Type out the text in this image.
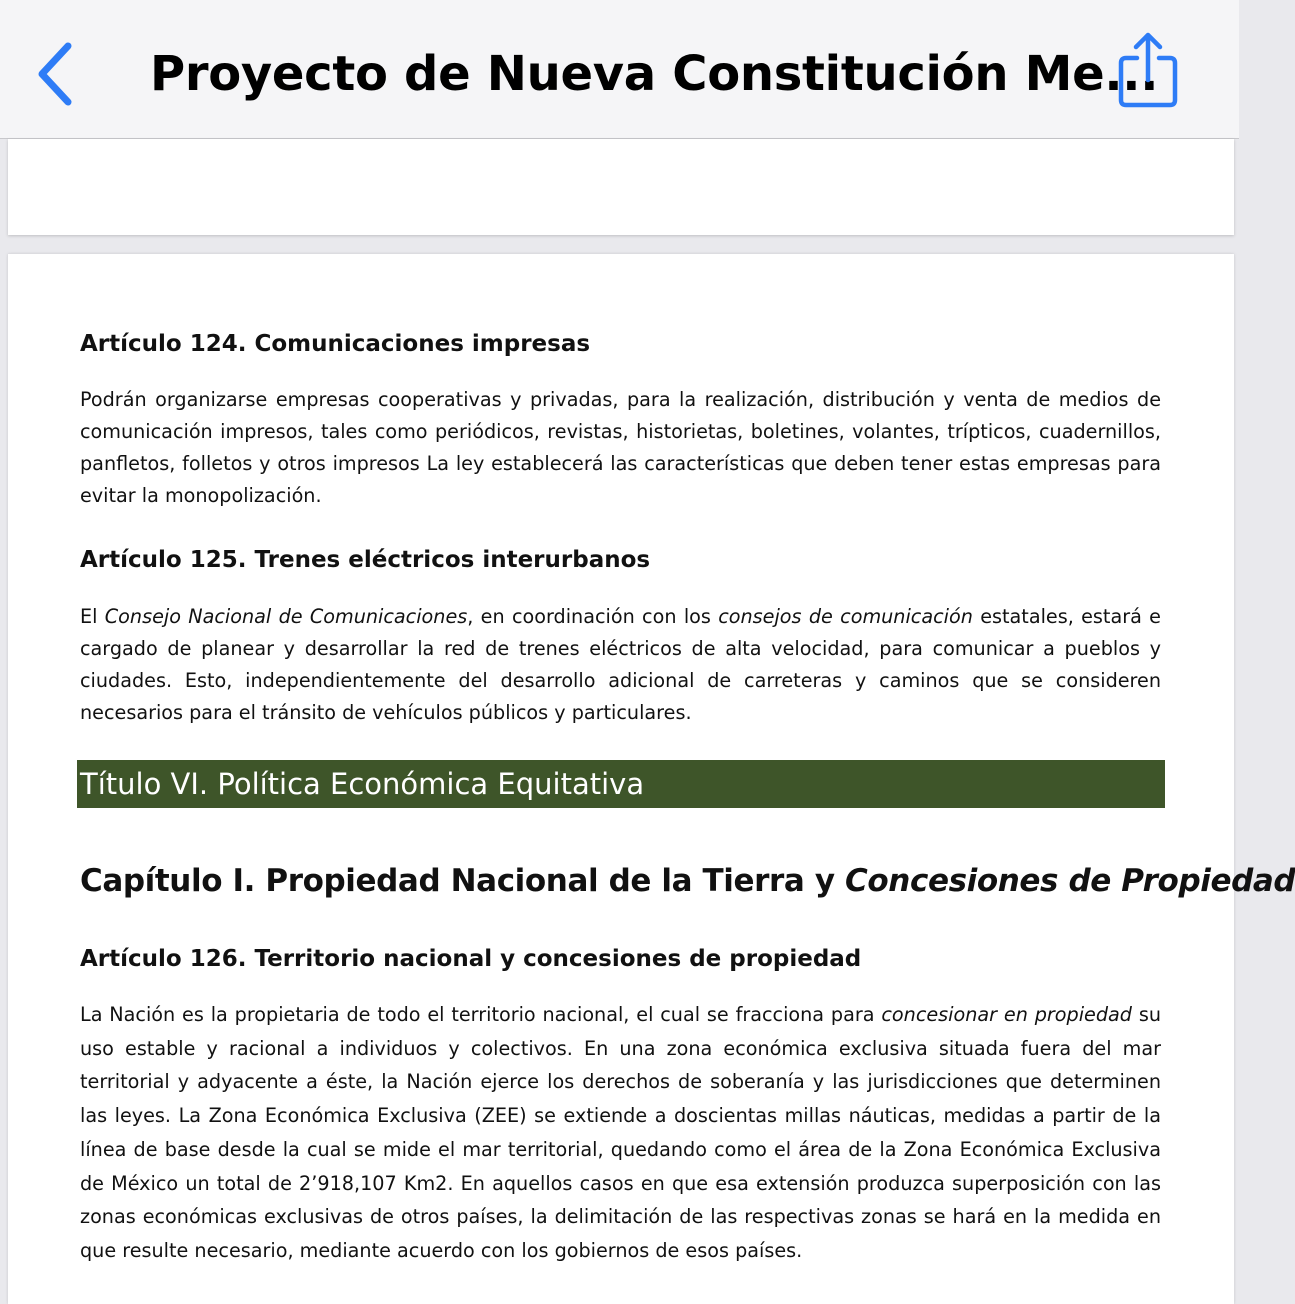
Proyecto de Nueva Constitución Me...
Artículo 124. Comunicaciones impresas

Podrán organizarse empresas cooperativas y privadas, para la realización, distribución y venta de medios de comunicación impresos, tales como periódicos, revistas, historietas, boletines, volantes, trípticos, cuadernillos, panfletos, folletos y otros impresos La ley establecerá las características que deben tener estas empresas para evitar la monopolización.

Artículo 125. Trenes eléctricos interurbanos

El Consejo Nacional de Comunicaciones, en coordinación con los consejos de comunicación estatales, estará e cargado de planear y desarrollar la red de trenes eléctricos de alta velocidad, para comunicar a pueblos y ciudades. Esto, independientemente del desarrollo adicional de carreteras y caminos que se consideren necesarios para el tránsito de vehículos públicos y particulares.

Título VI. Política Económica Equitativa
Capítulo I. Propiedad Nacional de la Tierra y Concesiones de Propiedad
Artículo 126. Territorio nacional y concesiones de propiedad

La Nación es la propietaria de todo el territorio nacional, el cual se fracciona para concesionar en propiedad su uso estable y racional a individuos y colectivos. En una zona económica exclusiva situada fuera del mar territorial y adyacente a éste, la Nación ejerce los derechos de soberanía y las jurisdicciones que determinen las leyes. La Zona Económica Exclusiva (ZEE) se extiende a doscientas millas náuticas, medidas a partir de la línea de base desde la cual se mide el mar territorial, quedando como el área de la Zona Económica Exclusiva de México un total de 2’918,107 Km2. En aquellos casos en que esa extensión produzca superposición con las zonas económicas exclusivas de otros países, la delimitación de las respectivas zonas se hará en la medida en que resulte necesario, mediante acuerdo con los gobiernos de esos países.
